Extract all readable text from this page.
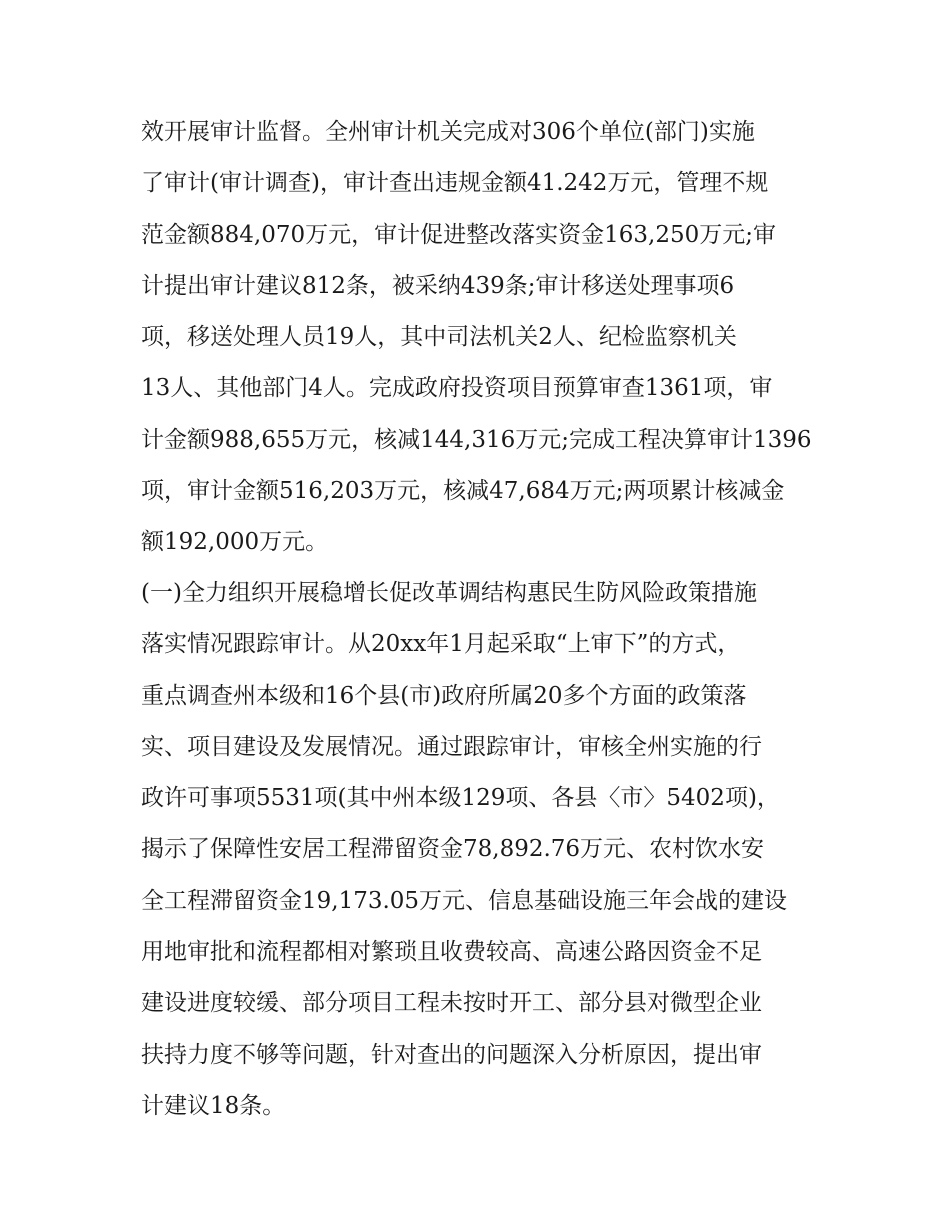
效开展审计监督。全州审计机关完成对306个单位(部门)实施
了审计(审计调查)，审计查出违规金额41.242万元，管理不规
范金额884,070万元，审计促进整改落实资金163,250万元;审
计提出审计建议812条，被采纳439条;审计移送处理事项6
项，移送处理人员19人，其中司法机关2人、纪检监察机关
13人、其他部门4人。完成政府投资项目预算审查1361项，审
计金额988,655万元，核减144,316万元;完成工程决算审计1396
项，审计金额516,203万元，核减47,684万元;两项累计核减金
额192,000万元。
(一)全力组织开展稳增长促改革调结构惠民生防风险政策措施
落实情况跟踪审计。从20xx年1月起采取“上审下”的方式，
重点调查州本级和16个县(市)政府所属20多个方面的政策落
实、项目建设及发展情况。通过跟踪审计，审核全州实施的行
政许可事项5531项(其中州本级129项、各县〈市〉5402项)，
揭示了保障性安居工程滞留资金78,892.76万元、农村饮水安
全工程滞留资金19,173.05万元、信息基础设施三年会战的建设
用地审批和流程都相对繁琐且收费较高、高速公路因资金不足
建设进度较缓、部分项目工程未按时开工、部分县对微型企业
扶持力度不够等问题，针对查出的问题深入分析原因，提出审
计建议18条。
